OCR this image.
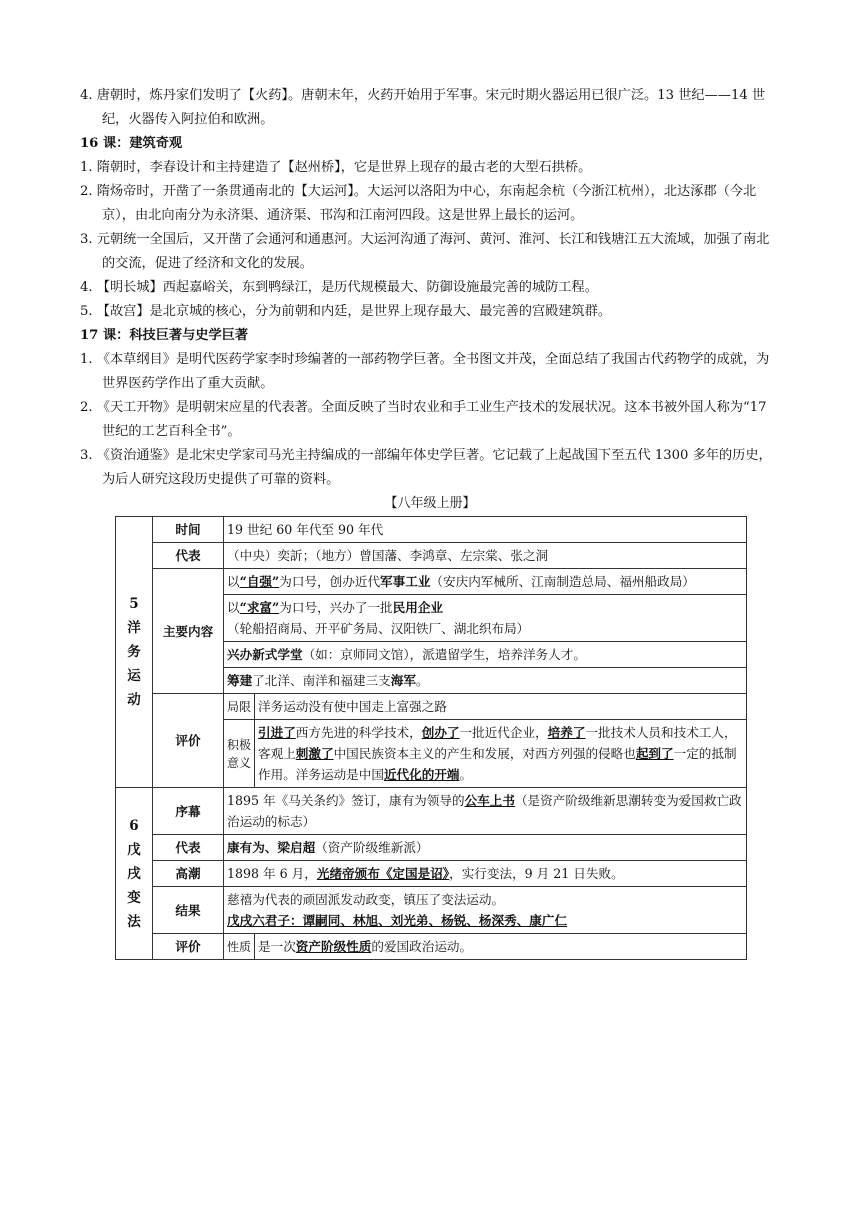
4. 唐朝时，炼丹家们发明了【火药】。唐朝末年，火药开始用于军事。宋元时期火器运用已很广泛。13 世纪——14 世纪，火器传入阿拉伯和欧洲。

16 课：建筑奇观

1. 隋朝时，李春设计和主持建造了【赵州桥】，它是世界上现存的最古老的大型石拱桥。

2. 隋炀帝时，开凿了一条贯通南北的【大运河】。大运河以洛阳为中心，东南起余杭（今浙江杭州），北达涿郡（今北京），由北向南分为永济渠、通济渠、邗沟和江南河四段。这是世界上最长的运河。

3. 元朝统一全国后，又开凿了会通河和通惠河。大运河沟通了海河、黄河、淮河、长江和钱塘江五大流域，加强了南北的交流，促进了经济和文化的发展。

4. 【明长城】西起嘉峪关，东到鸭绿江，是历代规模最大、防御设施最完善的城防工程。

5. 【故宫】是北京城的核心，分为前朝和内廷，是世界上现存最大、最完善的宫殿建筑群。

17 课：科技巨著与史学巨著

1. 《本草纲目》是明代医药学家李时珍编著的一部药物学巨著。全书图文并茂，全面总结了我国古代药物学的成就，为世界医药学作出了重大贡献。

2. 《天工开物》是明朝宋应星的代表著。全面反映了当时农业和手工业生产技术的发展状况。这本书被外国人称为“17 世纪的工艺百科全书”。

3. 《资治通鉴》是北宋史学家司马光主持编成的一部编年体史学巨著。它记载了上起战国下至五代 1300 多年的历史，为后人研究这段历史提供了可靠的资料。

【八年级上册】

5
洋
务
运
动	时间	19 世纪 60 年代至 90 年代	
	代表	（中央）奕訢；（地方）曾国藩、李鸿章、左宗棠、张之洞	
	主要内容	以“自强”为口号，创办近代军事工业（安庆内军械所、江南制造总局、福州船政局）	
		以“求富”为口号，兴办了一批民用企业（轮船招商局、开平矿务局、汉阳铁厂、湖北织布局）	
		兴办新式学堂（如：京师同文馆），派遣留学生，培养洋务人才。	
		筹建了北洋、南洋和福建三支海军。	
	评价	局限	洋务运动没有使中国走上富强之路
		积极意义	引进了西方先进的科学技术，创办了一批近代企业，培养了一批技术人员和技术工人，客观上刺激了中国民族资本主义的产生和发展，对西方列强的侵略也起到了一定的抵制作用。洋务运动是中国近代化的开端。

6
戊
戌
变
法	序幕	1895 年《马关条约》签订，康有为领导的公车上书（是资产阶级维新思潮转变为爱国救亡政治运动的标志）	
	代表	康有为、梁启超（资产阶级维新派）	
	高潮	1898 年 6 月，光绪帝颁布《定国是诏》，实行变法，9 月 21 日失败。	
	结果	慈禧为代表的顽固派发动政变，镇压了变法运动。
戊戌六君子：谭嗣同、林旭、刘光弟、杨锐、杨深秀、康广仁	

	评价	性质	是一次资产阶级性质的爱国政治运动。
